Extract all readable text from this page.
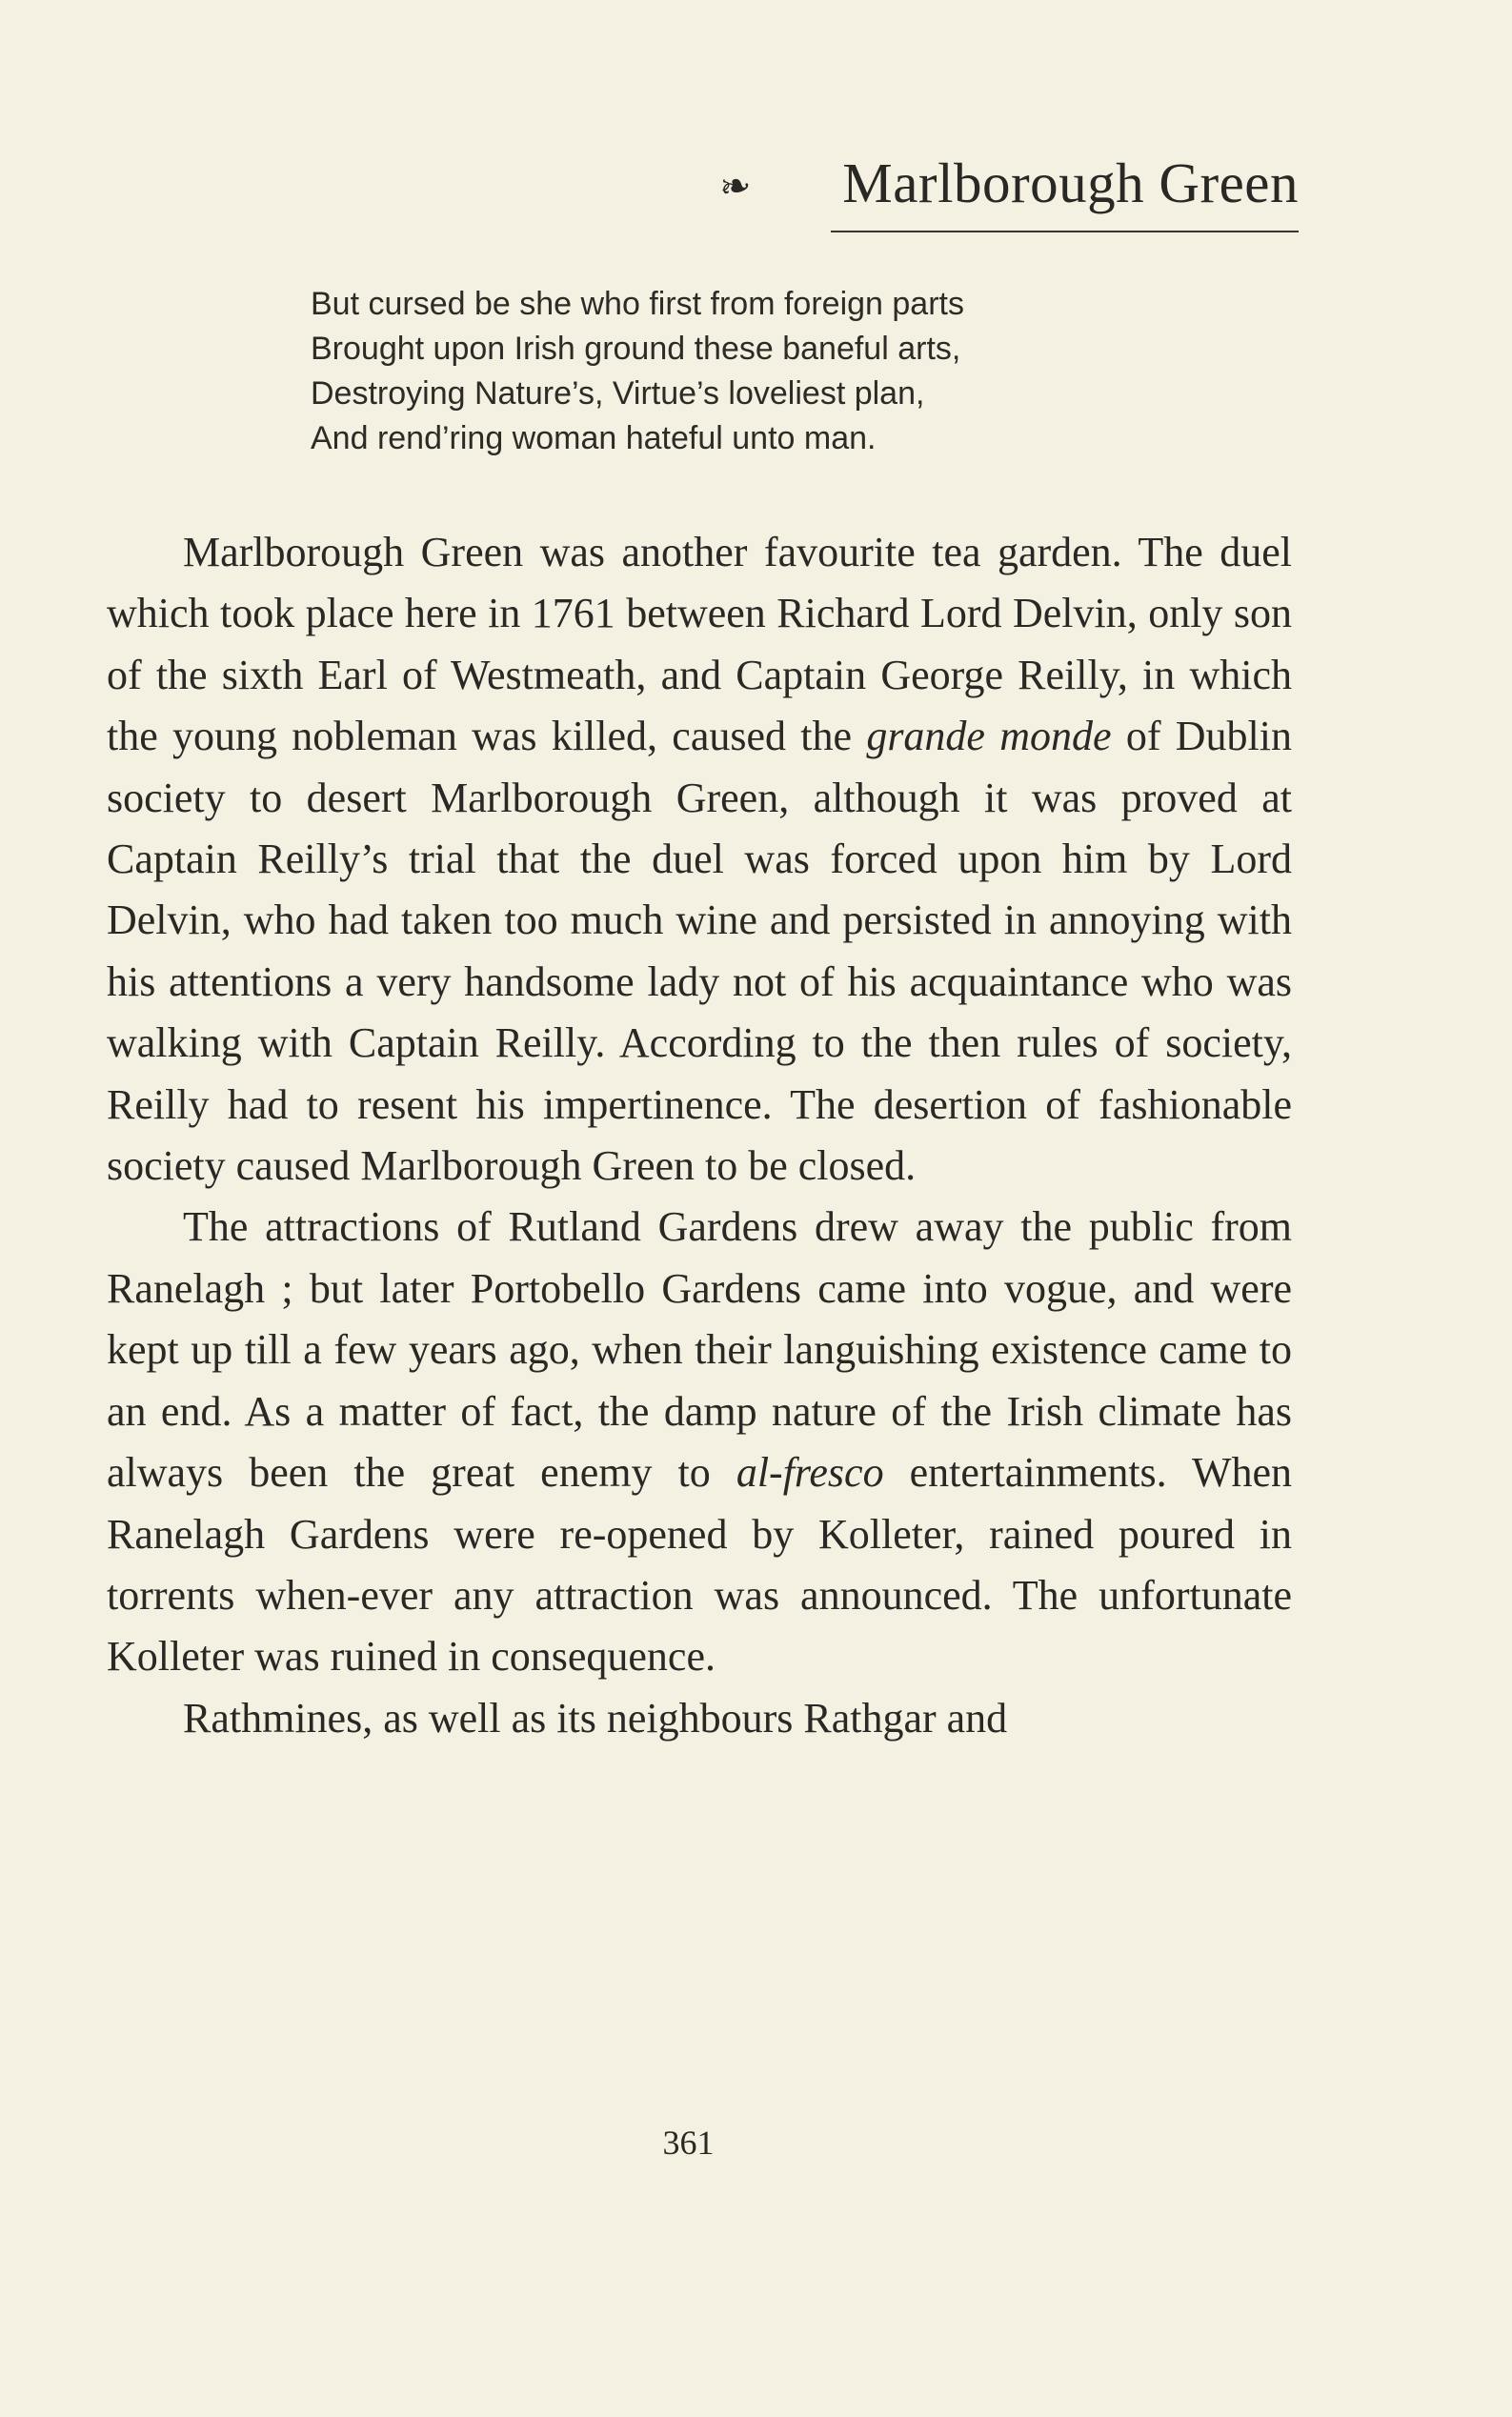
❧ Marlborough Green
But cursed be she who first from foreign parts
Brought upon Irish ground these baneful arts,
Destroying Nature’s, Virtue’s loveliest plan,
And rend’ring woman hateful unto man.

Marlborough Green was another favourite tea garden. The duel which took place here in 1761 between Richard Lord Delvin, only son of the sixth Earl of Westmeath, and Captain George Reilly, in which the young nobleman was killed, caused the grande monde of Dublin society to desert Marlborough Green, although it was proved at Captain Reilly’s trial that the duel was forced upon him by Lord Delvin, who had taken too much wine and persisted in annoying with his attentions a very handsome lady not of his acquaintance who was walking with Captain Reilly. According to the then rules of society, Reilly had to resent his impertinence. The desertion of fashionable society caused Marlborough Green to be closed.

The attractions of Rutland Gardens drew away the public from Ranelagh ; but later Portobello Gardens came into vogue, and were kept up till a few years ago, when their languishing existence came to an end. As a matter of fact, the damp nature of the Irish climate has always been the great enemy to al-fresco entertainments. When Ranelagh Gardens were re-opened by Kolleter, rained poured in torrents when-ever any attraction was announced. The unfortunate Kolleter was ruined in consequence.

Rathmines, as well as its neighbours Rathgar and

361
